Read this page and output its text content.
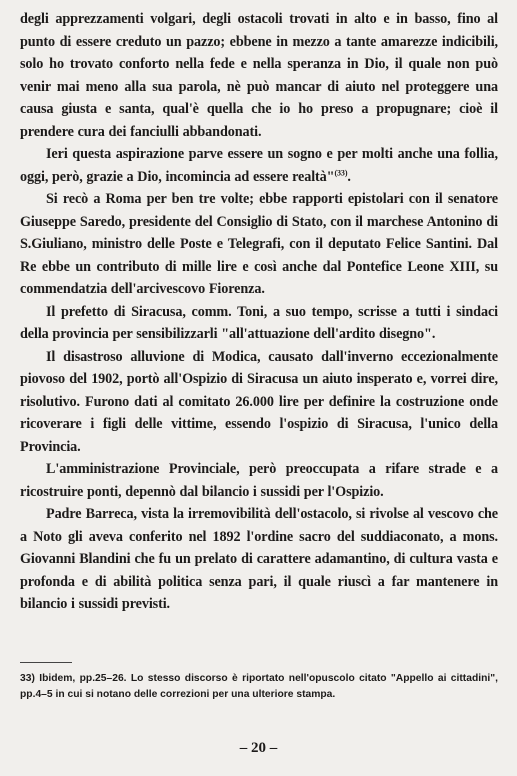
degli apprezzamenti volgari, degli ostacoli trovati in alto e in basso, fino al punto di essere creduto un pazzo; ebbene in mezzo a tante amarezze indicibili, solo ho trovato conforto nella fede e nella speranza in Dio, il quale non può venir mai meno alla sua parola, nè può mancar di aiuto nel proteggere una causa giusta e santa, qual'è quella che io ho preso a propugnare; cioè il prendere cura dei fanciulli abbandonati.

Ieri questa aspirazione parve essere un sogno e per molti anche una follia, oggi, però, grazie a Dio, incomincia ad essere realtà"$^{(33)}$.

Si recò a Roma per ben tre volte; ebbe rapporti epistolari con il senatore Giuseppe Saredo, presidente del Consiglio di Stato, con il marchese Antonino di S.Giuliano, ministro delle Poste e Telegrafi, con il deputato Felice Santini. Dal Re ebbe un contributo di mille lire e così anche dal Pontefice Leone XIII, su commendatzia dell'arcivescovo Fiorenza.

Il prefetto di Siracusa, comm. Toni, a suo tempo, scrisse a tutti i sindaci della provincia per sensibilizzarli "all'attuazione dell'ardito disegno".

Il disastroso alluvione di Modica, causato dall'inverno eccezionalmente piovoso del 1902, portò all'Ospizio di Siracusa un aiuto insperato e, vorrei dire, risolutivo. Furono dati al comitato 26.000 lire per definire la costruzione onde ricoverare i figli delle vittime, essendo l'ospizio di Siracusa, l'unico della Provincia.

L'amministrazione Provinciale, però preoccupata a rifare strade e a ricostruire ponti, depennò dal bilancio i sussidi per l'Ospizio.

Padre Barreca, vista la irremovibilità dell'ostacolo, si rivolse al vescovo che a Noto gli aveva conferito nel 1892 l'ordine sacro del suddiaconato, a mons. Giovanni Blandini che fu un prelato di carattere adamantino, di cultura vasta e profonda e di abilità politica senza pari, il quale riuscì a far mantenere in bilancio i sussidi previsti.

33) Ibidem, pp.25–26. Lo stesso discorso è riportato nell'opuscolo citato "Appello ai cittadini", pp.4–5 in cui si notano delle correzioni per una ulteriore stampa.
– 20 –
